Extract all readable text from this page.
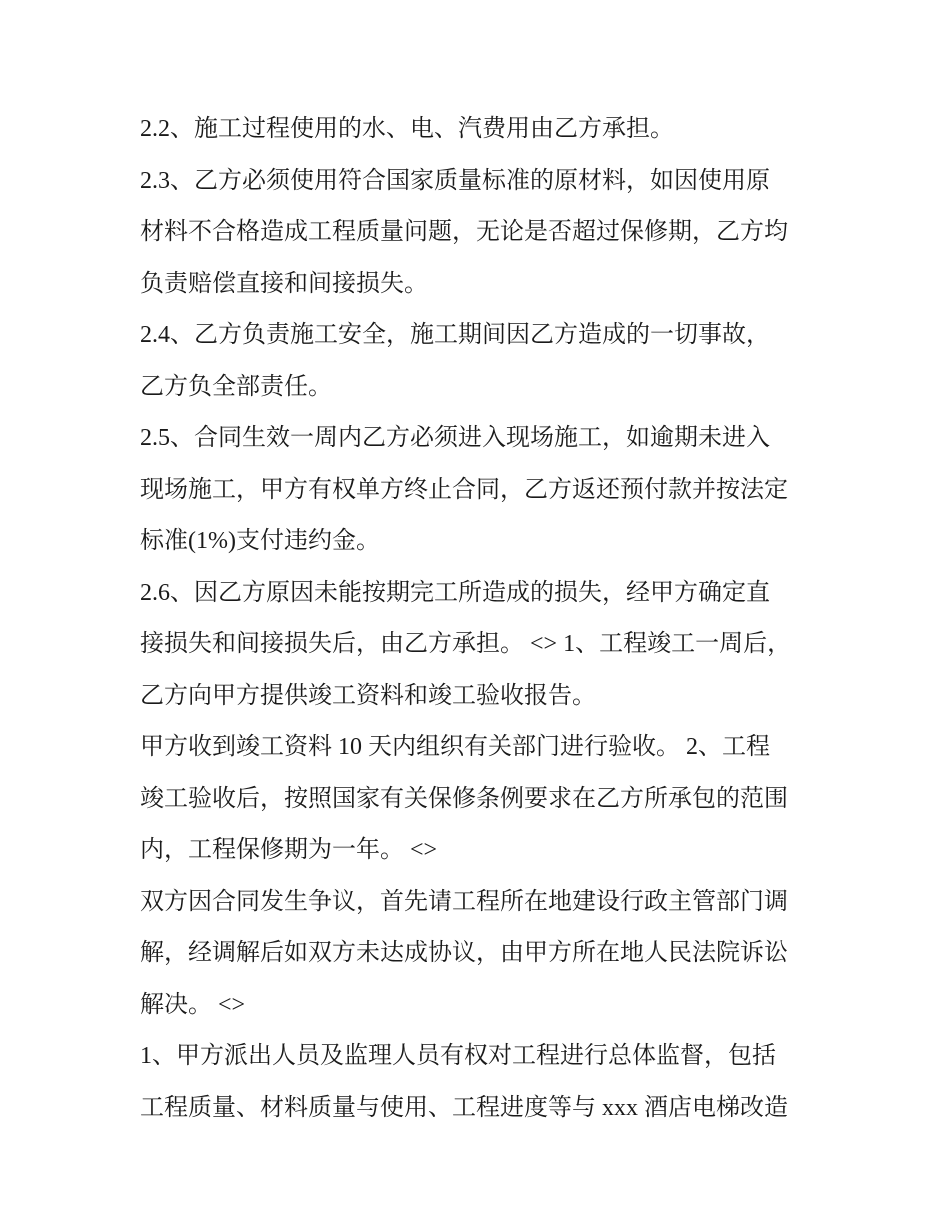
2.2、施工过程使用的水、电、汽费用由乙方承担。
2.3、乙方必须使用符合国家质量标准的原材料，如因使用原
材料不合格造成工程质量问题，无论是否超过保修期，乙方均
负责赔偿直接和间接损失。
2.4、乙方负责施工安全，施工期间因乙方造成的一切事故，
乙方负全部责任。
2.5、合同生效一周内乙方必须进入现场施工，如逾期未进入
现场施工，甲方有权单方终止合同，乙方返还预付款并按法定
标准(1%)支付违约金。
2.6、因乙方原因未能按期完工所造成的损失，经甲方确定直
接损失和间接损失后，由乙方承担。 <> 1、工程竣工一周后，
乙方向甲方提供竣工资料和竣工验收报告。
甲方收到竣工资料 10 天内组织有关部门进行验收。 2、工程
竣工验收后，按照国家有关保修条例要求在乙方所承包的范围
内，工程保修期为一年。 <>
双方因合同发生争议，首先请工程所在地建设行政主管部门调
解，经调解后如双方未达成协议，由甲方所在地人民法院诉讼
解决。 <>
1、甲方派出人员及监理人员有权对工程进行总体监督，包括
工程质量、材料质量与使用、工程进度等与 xxx 酒店电梯改造
